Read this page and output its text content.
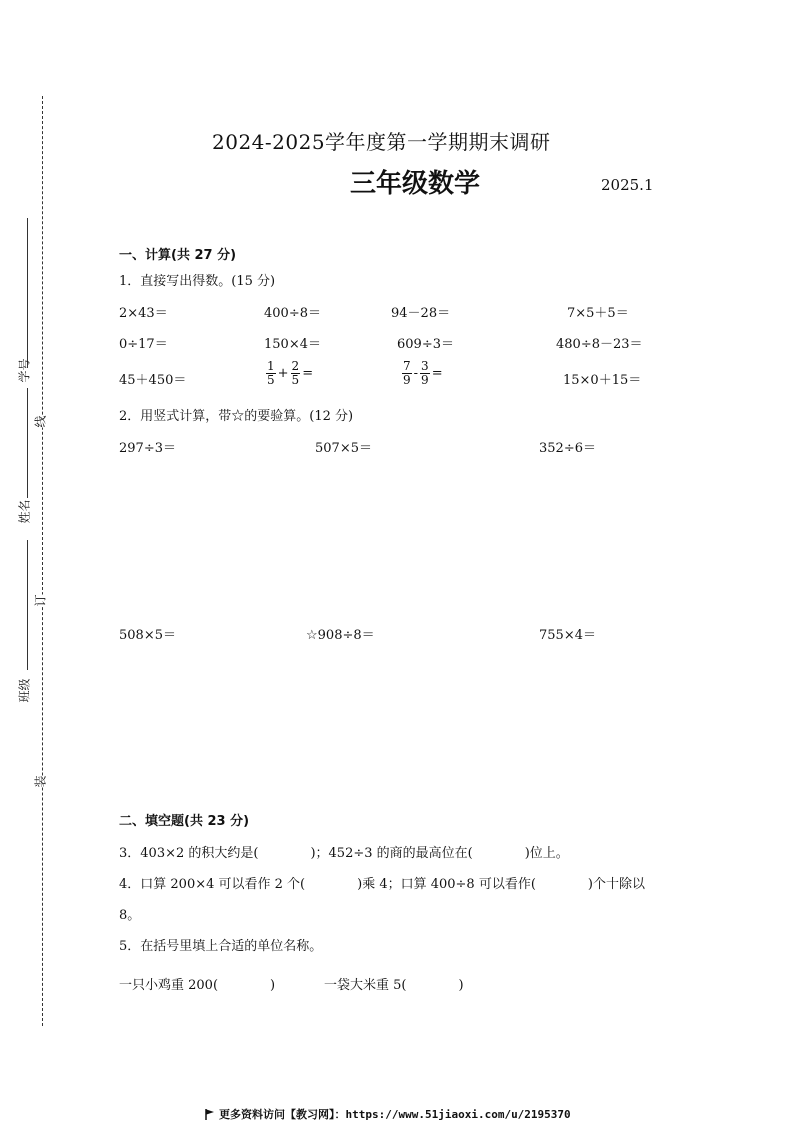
学号
姓名
班级
线
订
装
2024-2025学年度第一学期期末调研
三年级数学	2025.1
一、计算(共 27 分)
1．直接写出得数。(15 分)
2×43＝	400÷8＝	94－28＝	7×5＋5＝
0÷17＝	150×4＝	609÷3＝	480÷8－23＝
45＋450＝	$\frac{1}{5} + \frac{2}{5}$ =	$\frac{7}{9} - \frac{3}{9}$ =	15×0＋15＝
2．用竖式计算，带☆的要验算。(12 分)
297÷3＝	507×5＝	352÷6＝
508×5＝	☆908÷8＝	755×4＝
二、填空题(共 23 分)
3．403×2 的积大约是(　　　　)；452÷3 的商的最高位在(　　　　)位上。
4．口算 200×4 可以看作 2 个(　　　　)乘 4；口算 400÷8 可以看作(　　　　)个十除以
8。
5．在括号里填上合适的单位名称。
一只小鸡重 200(　　　　)	一袋大米重 5(　　　　)
更多资料访问【教习网】：https://www.51jiaoxi.com/u/2195370
